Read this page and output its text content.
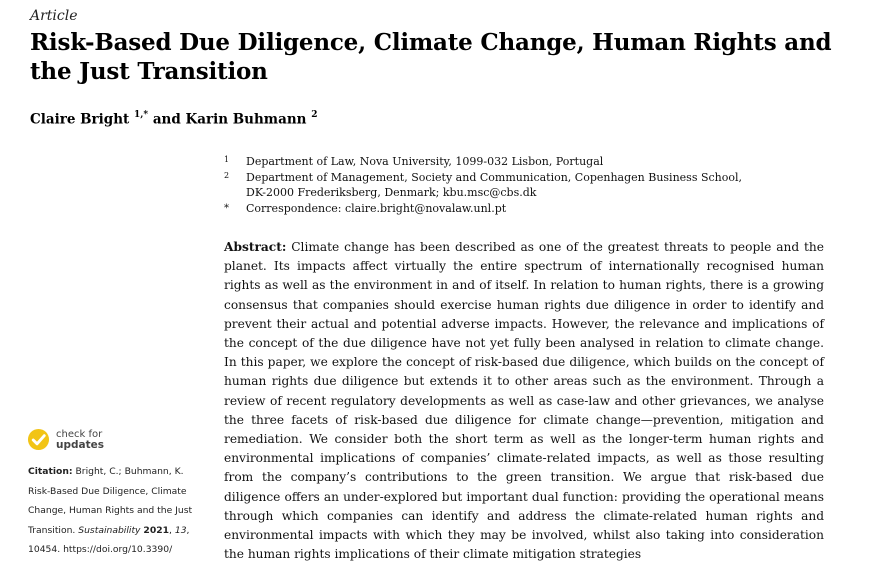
Article
Risk-Based Due Diligence, Climate Change, Human Rights and the Just Transition
Claire Bright $^{1,*}$ and Karin Buhmann $^2$
1 Department of Law, Nova University, 1099-032 Lisbon, Portugal
2 Department of Management, Society and Communication, Copenhagen Business School,
DK-2000 Frederiksberg, Denmark; kbu.msc@cbs.dk
* Correspondence: claire.bright@novalaw.unl.pt

Abstract: Climate change has been described as one of the greatest threats to people and the planet. Its impacts affect virtually the entire spectrum of internationally recognised human rights as well as the environment in and of itself. In relation to human rights, there is a growing consensus that companies should exercise human rights due diligence in order to identify and prevent their actual and potential adverse impacts. However, the relevance and implications of the concept of the due diligence have not yet fully been analysed in relation to climate change. In this paper, we explore the concept of risk-based due diligence, which builds on the concept of human rights due diligence but extends it to other areas such as the environment. Through a review of recent regulatory developments as well as case-law and other grievances, we analyse the three facets of risk-based due diligence for climate change—prevention, mitigation and remediation. We consider both the short term as well as the longer-term human rights and environmental implications of companies’ climate-related impacts, as well as those resulting from the company’s contributions to the green transition. We argue that risk-based due diligence offers an under-explored but important dual function: providing the operational means through which companies can identify and address the climate-related human rights and environmental impacts with which they may be involved, whilst also taking into consideration the human rights implications of their climate mitigation strategies

check for
updates
Citation: Bright, C.; Buhmann, K. Risk-Based Due Diligence, Climate Change, Human Rights and the Just Transition. Sustainability 2021, 13, 10454. https://doi.org/10.3390/
